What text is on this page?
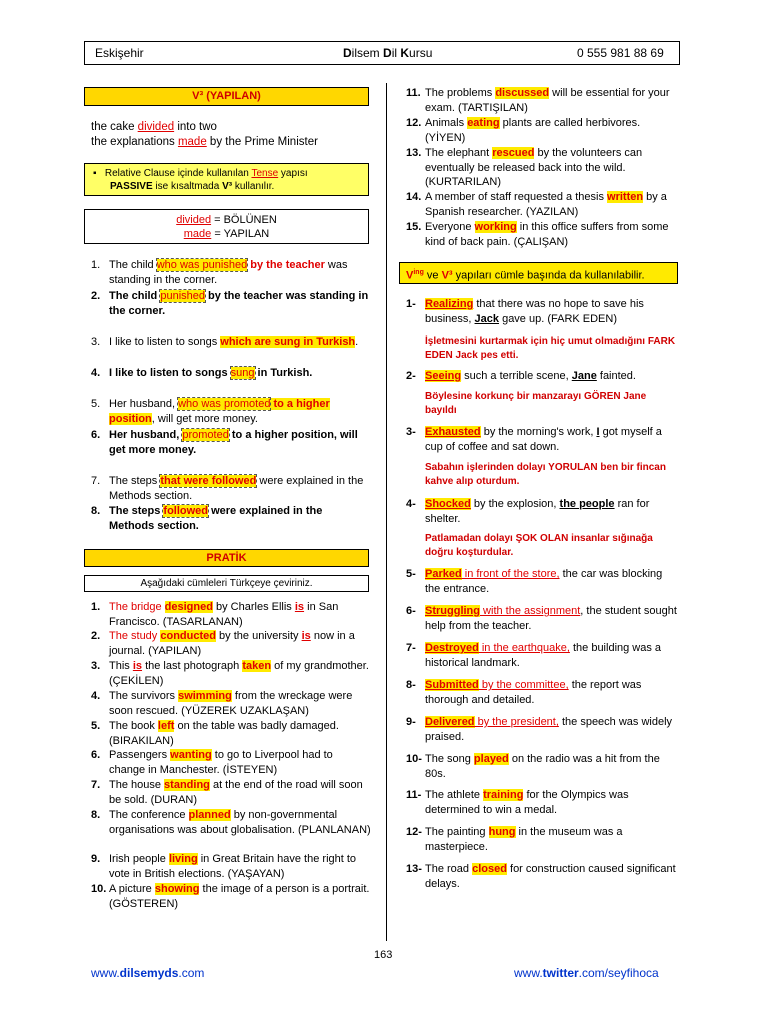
Eskişehir	Dilsem Dil Kursu	0 555 981 88 69
V³ (YAPILAN)
the cake divided into two
the explanations made by the Prime Minister
▪   Relative Clause içinde kullanılan Tense yapısı
PASSIVE ise kısaltmada V³ kullanılır.
divided = BÖLÜNEN
made = YAPILAN
1. The child who was punished by the teacher was standing in the corner.
2. The child punished by the teacher was standing in the corner.
3. I like to listen to songs which are sung in Turkish.
4. I like to listen to songs sung in Turkish.
5. Her husband, who was promoted to a higher position, will get more money.
6. Her husband, promoted to a higher position, will get more money.
7. The steps that were followed were explained in the Methods section.
8. The steps followed were explained in the Methods section.
PRATİK
Aşağıdaki cümleleri Türkçeye çeviriniz.
1. The bridge designed by Charles Ellis is in San Francisco. (TASARLANAN)
2. The study conducted by the university is now in a journal. (YAPILAN)
3. This is the last photograph taken of my grandmother. (ÇEKİLEN)
4. The survivors swimming from the wreckage were soon rescued. (YÜZEREK UZAKLAŞAN)
5. The book left on the table was badly damaged. (BIRAKILAN)
6. Passengers wanting to go to Liverpool had to change in Manchester. (İSTEYEN)
7. The house standing at the end of the road will soon be sold. (DURAN)
8. The conference planned by non-governmental organisations was about globalisation. (PLANLANAN)
9. Irish people living in Great Britain have the right to vote in British elections. (YAŞAYAN)
10. A picture showing the image of a person is a portrait. (GÖSTEREN)
11. The problems discussed will be essential for your exam. (TARTIŞILAN)
12. Animals eating plants are called herbivores. (YİYEN)
13. The elephant rescued by the volunteers can eventually be released back into the wild. (KURTARILAN)
14. A member of staff requested a thesis written by a Spanish researcher. (YAZILAN)
15. Everyone working in this office suffers from some kind of back pain. (ÇALIŞAN)
$V^{ing}$ ve V³ yapıları cümle başında da kullanılabilir.
1- Realizing that there was no hope to save his business, Jack gave up. (FARK EDEN)
İşletmesini kurtarmak için hiç umut olmadığını FARK EDEN Jack pes etti.
2- Seeing such a terrible scene, Jane fainted.
Böylesine korkunç bir manzarayı GÖREN Jane bayıldı
3- Exhausted by the morning's work, I got myself a cup of coffee and sat down.
Sabahın işlerinden dolayı YORULAN ben bir fincan kahve alıp oturdum.
4- Shocked by the explosion, the people ran for shelter.
Patlamadan dolayı ŞOK OLAN insanlar sığınağa doğru koşturdular.
5- Parked in front of the store, the car was blocking the entrance.
6- Struggling with the assignment, the student sought help from the teacher.
7- Destroyed in the earthquake, the building was a historical landmark.
8- Submitted by the committee, the report was thorough and detailed.
9- Delivered by the president, the speech was widely praised.
10- The song played on the radio was a hit from the 80s.
11- The athlete training for the Olympics was determined to win a medal.
12- The painting hung in the museum was a masterpiece.
13- The road closed for construction caused significant delays.
www.dilsemyds.com
163
www.twitter.com/seyfihoca
